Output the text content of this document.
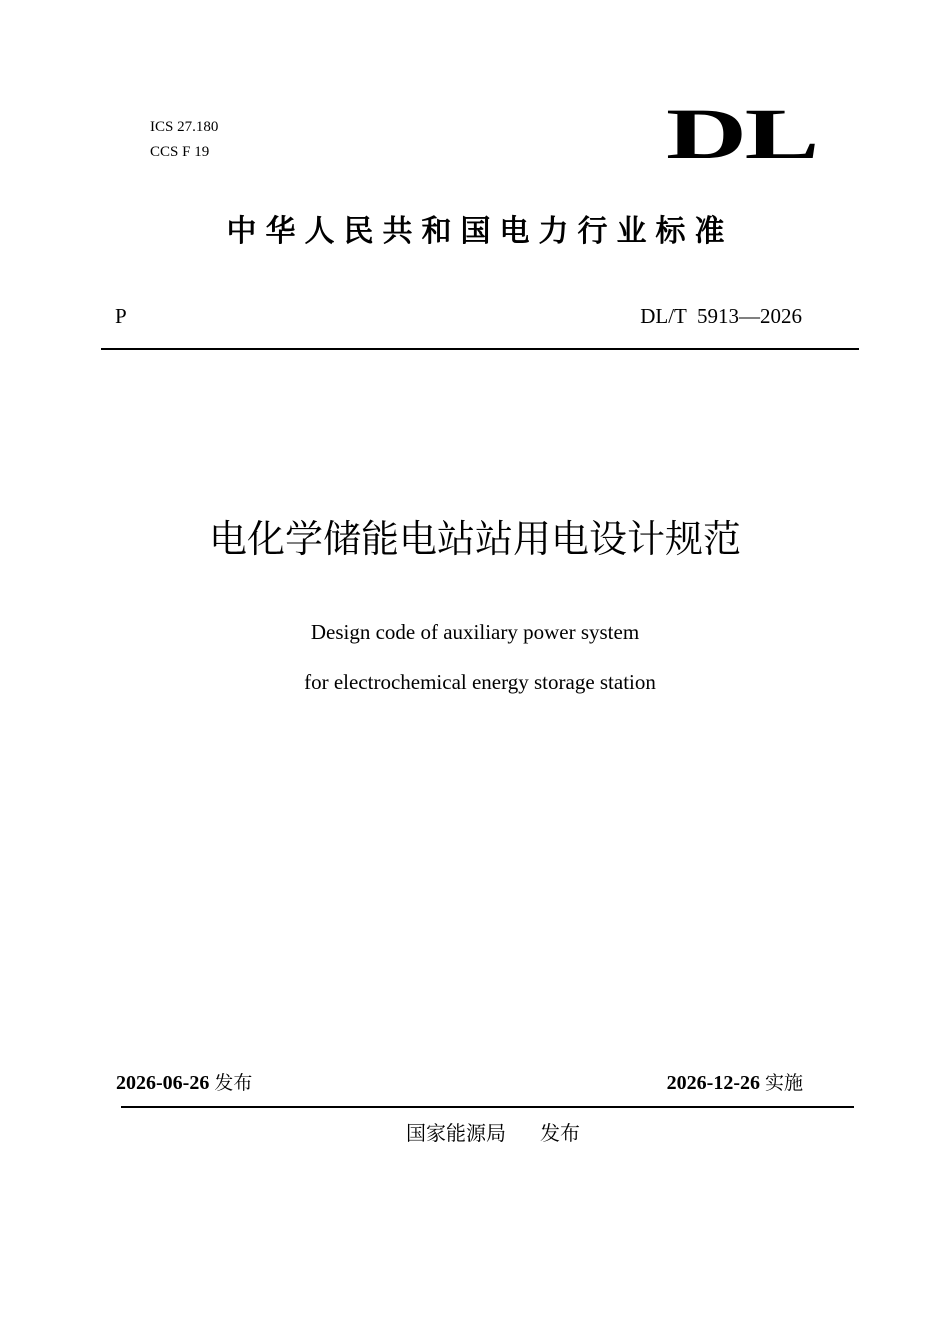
ICS 27.180
CCS F 19	DL
中华人民共和国电力行业标准
P	DL/T  5913—2026
电化学储能电站站用电设计规范
Design code of auxiliary power system
for electrochemical energy storage station
2026-06-26 发布	2026-12-26 实施
国家能源局 发布
